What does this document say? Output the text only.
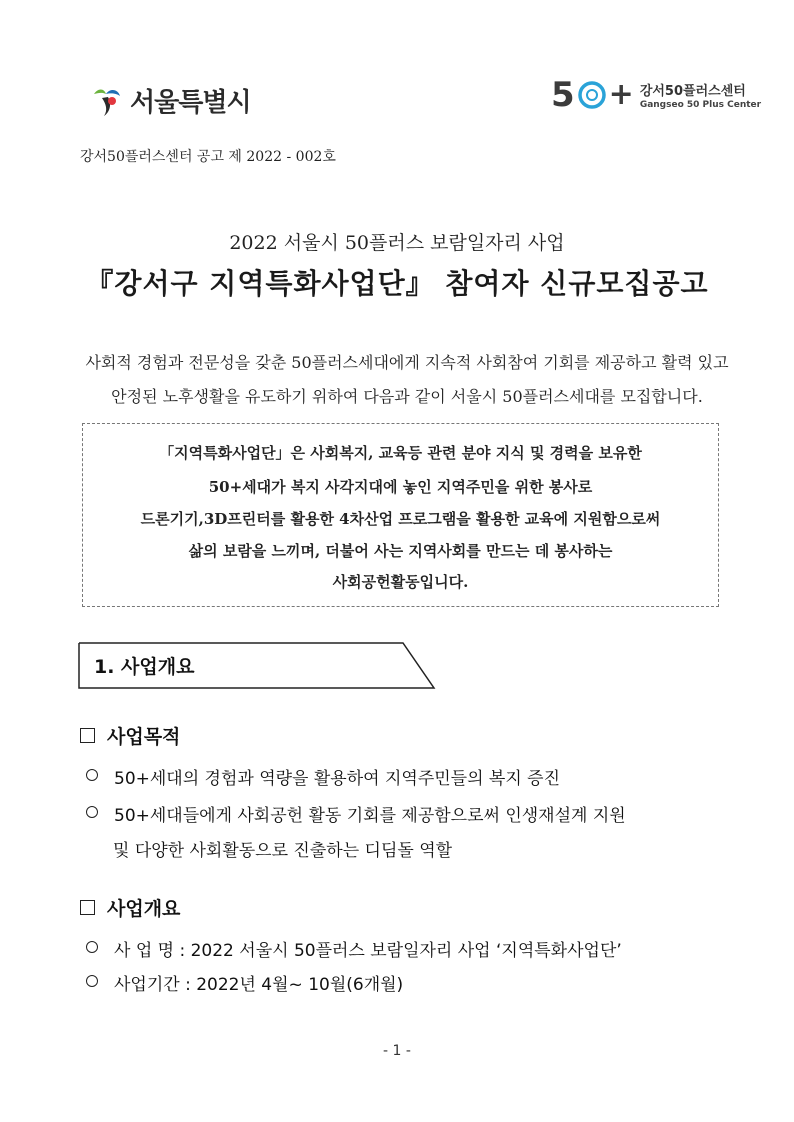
서울특별시	5 + 강서50플러스센터
Gangseo 50 Plus Center
강서50플러스센터 공고 제 2022 - 002호
2022 서울시 50플러스 보람일자리 사업
『강서구 지역특화사업단』 참여자 신규모집공고
사회적 경험과 전문성을 갖춘 50플러스세대에게 지속적 사회참여 기회를 제공하고 활력 있고
안정된 노후생활을 유도하기 위하여 다음과 같이 서울시 50플러스세대를 모집합니다.
「지역특화사업단」은 사회복지, 교육등 관련 분야 지식 및 경력을 보유한
50+세대가 복지 사각지대에 놓인 지역주민을 위한 봉사로
드론기기,3D프린터를 활용한 4차산업 프로그램을 활용한 교육에 지원함으로써
삶의 보람을 느끼며, 더불어 사는 지역사회를 만드는 데 봉사하는
사회공헌활동입니다.
1. 사업개요
사업목적
50+세대의 경험과 역량을 활용하여 지역주민들의 복지 증진
50+세대들에게 사회공헌 활동 기회를 제공함으로써 인생재설계 지원
및 다양한 사회활동으로 진출하는 디딤돌 역할
사업개요
사 업 명 : 2022 서울시 50플러스 보람일자리 사업 ‘지역특화사업단’
사업기간 : 2022년 4월~ 10월(6개월)
- 1 -
